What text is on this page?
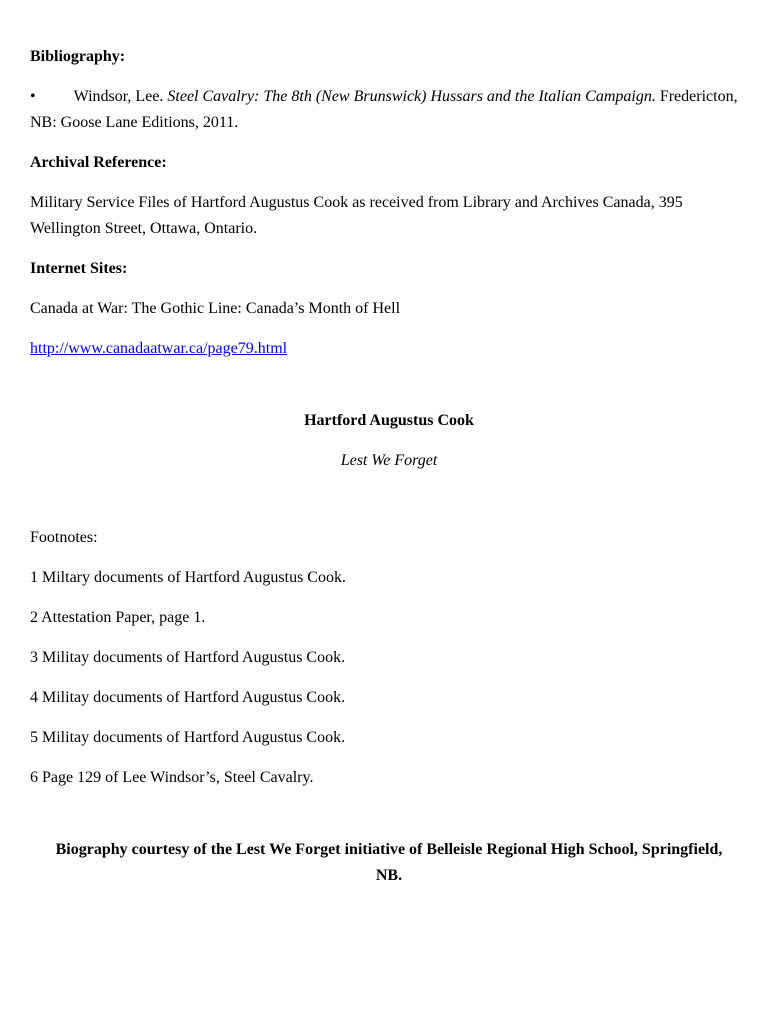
Bibliography:

• Windsor, Lee. Steel Cavalry: The 8th (New Brunswick) Hussars and the Italian Campaign. Fredericton, NB: Goose Lane Editions, 2011.

Archival Reference:

Military Service Files of Hartford Augustus Cook as received from Library and Archives Canada, 395 Wellington Street, Ottawa, Ontario.

Internet Sites:

Canada at War: The Gothic Line: Canada’s Month of Hell

http://www.canadaatwar.ca/page79.html

Hartford Augustus Cook

Lest We Forget

Footnotes:

1 Miltary documents of Hartford Augustus Cook.

2 Attestation Paper, page 1.

3 Militay documents of Hartford Augustus Cook.

4 Militay documents of Hartford Augustus Cook.

5 Militay documents of Hartford Augustus Cook.

6 Page 129 of Lee Windsor’s, Steel Cavalry.

Biography courtesy of the Lest We Forget initiative of Belleisle Regional High School, Springfield, NB.
